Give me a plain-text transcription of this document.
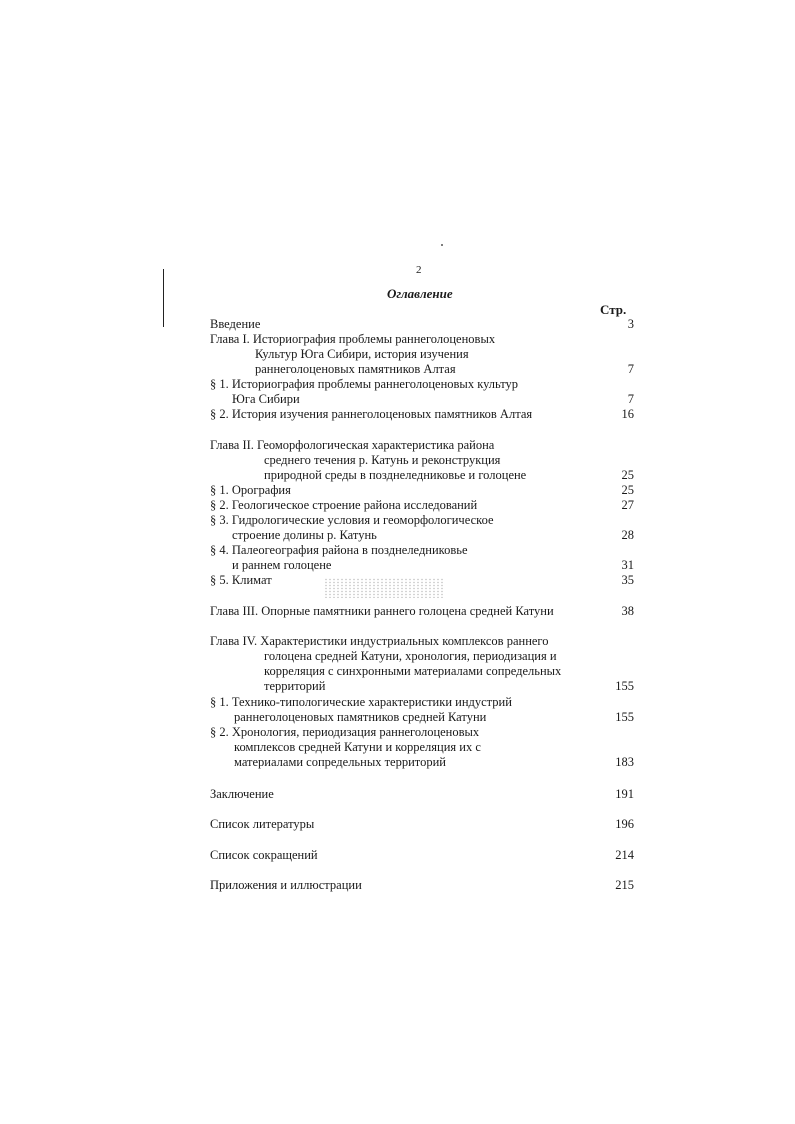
2
Оглавление
Стр.
Введение	3
Глава I. Историография проблемы раннеголоценовых
Культур Юга Сибири, история изучения
раннеголоценовых памятников Алтая	7
§ 1. Историография проблемы раннеголоценовых культур
Юга Сибири	7
§ 2. История изучения раннеголоценовых памятников Алтая	16
Глава II. Геоморфологическая характеристика района
среднего течения р. Катунь и реконструкция
природной среды в позднеледниковье и голоцене	25
§ 1. Орография	25
§ 2. Геологическое строение района исследований	27
§ 3. Гидрологические условия и геоморфологическое
строение долины р. Катунь	28
§ 4. Палеогеография района в позднеледниковье
и раннем голоцене	31
§ 5. Климат	35
Глава III. Опорные памятники раннего голоцена средней Катуни	38
Глава IV. Характеристики индустриальных комплексов раннего
голоцена средней Катуни, хронология, периодизация и
корреляция с синхронными материалами сопредельных
территорий	155
§ 1. Технико-типологические характеристики индустрий
раннеголоценовых памятников средней Катуни	155
§ 2. Хронология, периодизация раннеголоценовых
комплексов средней Катуни и корреляция их с
материалами сопредельных территорий	183
Заключение	191
Список литературы	196
Список сокращений	214
Приложения и иллюстрации	215
